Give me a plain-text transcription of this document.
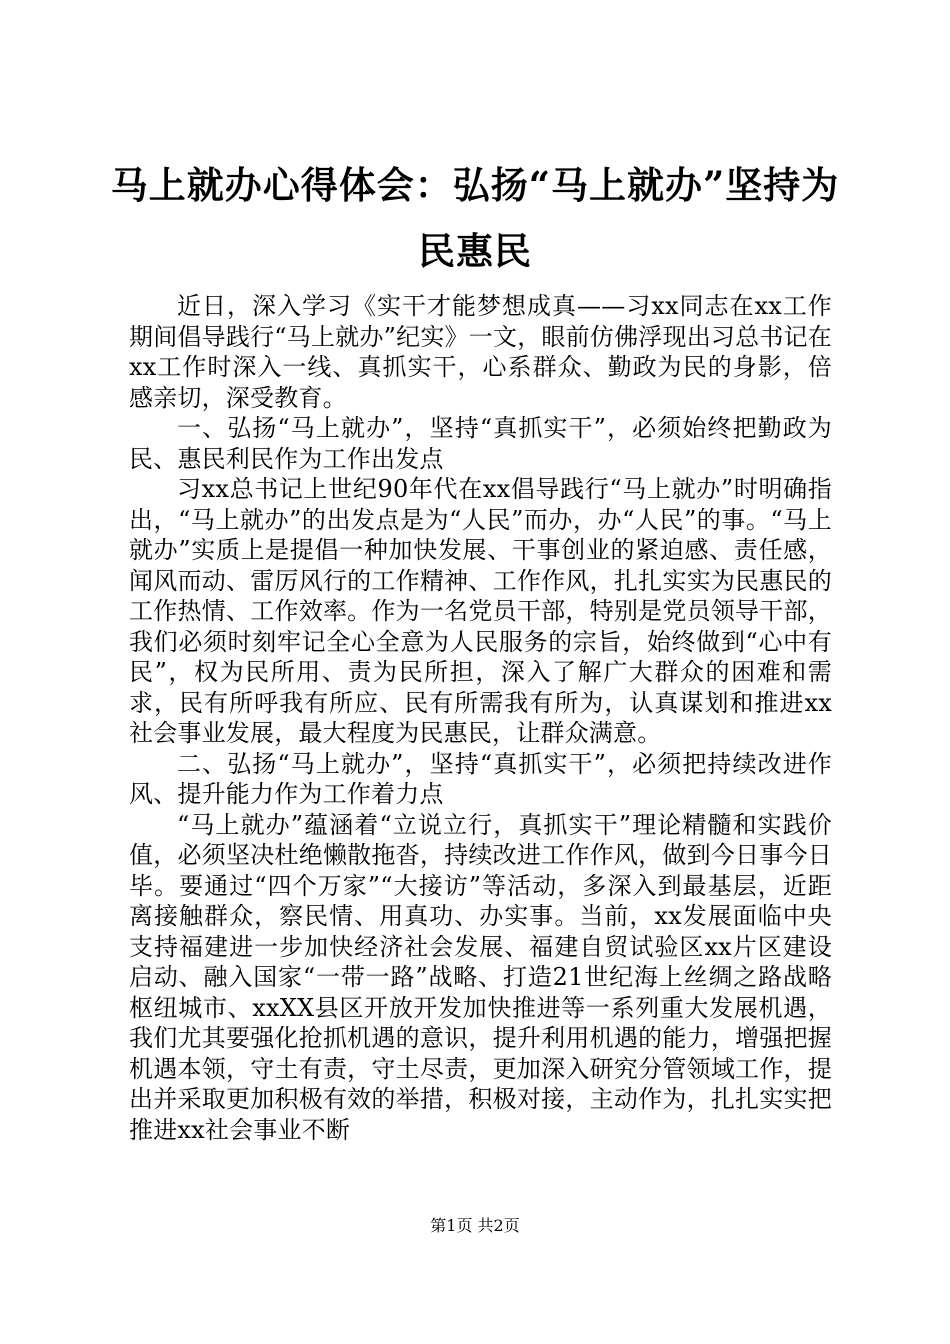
马上就办心得体会：弘扬“马上就办”坚持为民惠民

近日，深入学习《实干才能梦想成真——习xx同志在xx工作期间倡导践行“马上就办”纪实》一文，眼前仿佛浮现出习总书记在xx工作时深入一线、真抓实干，心系群众、勤政为民的身影，倍感亲切，深受教育。

一、弘扬“马上就办”，坚持“真抓实干”，必须始终把勤政为民、惠民利民作为工作出发点

习xx总书记上世纪90年代在xx倡导践行“马上就办”时明确指出，“马上就办”的出发点是为“人民”而办，办“人民”的事。“马上就办”实质上是提倡一种加快发展、干事创业的紧迫感、责任感，闻风而动、雷厉风行的工作精神、工作作风，扎扎实实为民惠民的工作热情、工作效率。作为一名党员干部，特别是党员领导干部，我们必须时刻牢记全心全意为人民服务的宗旨，始终做到“心中有民”，权为民所用、责为民所担，深入了解广大群众的困难和需求，民有所呼我有所应、民有所需我有所为，认真谋划和推进xx社会事业发展，最大程度为民惠民，让群众满意。

二、弘扬“马上就办”，坚持“真抓实干”，必须把持续改进作风、提升能力作为工作着力点

“马上就办”蕴涵着“立说立行，真抓实干”理论精髓和实践价值，必须坚决杜绝懒散拖沓，持续改进工作作风，做到今日事今日毕。要通过“四个万家”“大接访”等活动，多深入到最基层，近距离接触群众，察民情、用真功、办实事。当前，xx发展面临中央支持福建进一步加快经济社会发展、福建自贸试验区xx片区建设启动、融入国家“一带一路”战略、打造21世纪海上丝绸之路战略枢纽城市、xxXX县区开放开发加快推进等一系列重大发展机遇，我们尤其要强化抢抓机遇的意识，提升利用机遇的能力，增强把握机遇本领，守土有责，守土尽责，更加深入研究分管领域工作，提出并采取更加积极有效的举措，积极对接，主动作为，扎扎实实把推进xx社会事业不断

第1页 共2页
